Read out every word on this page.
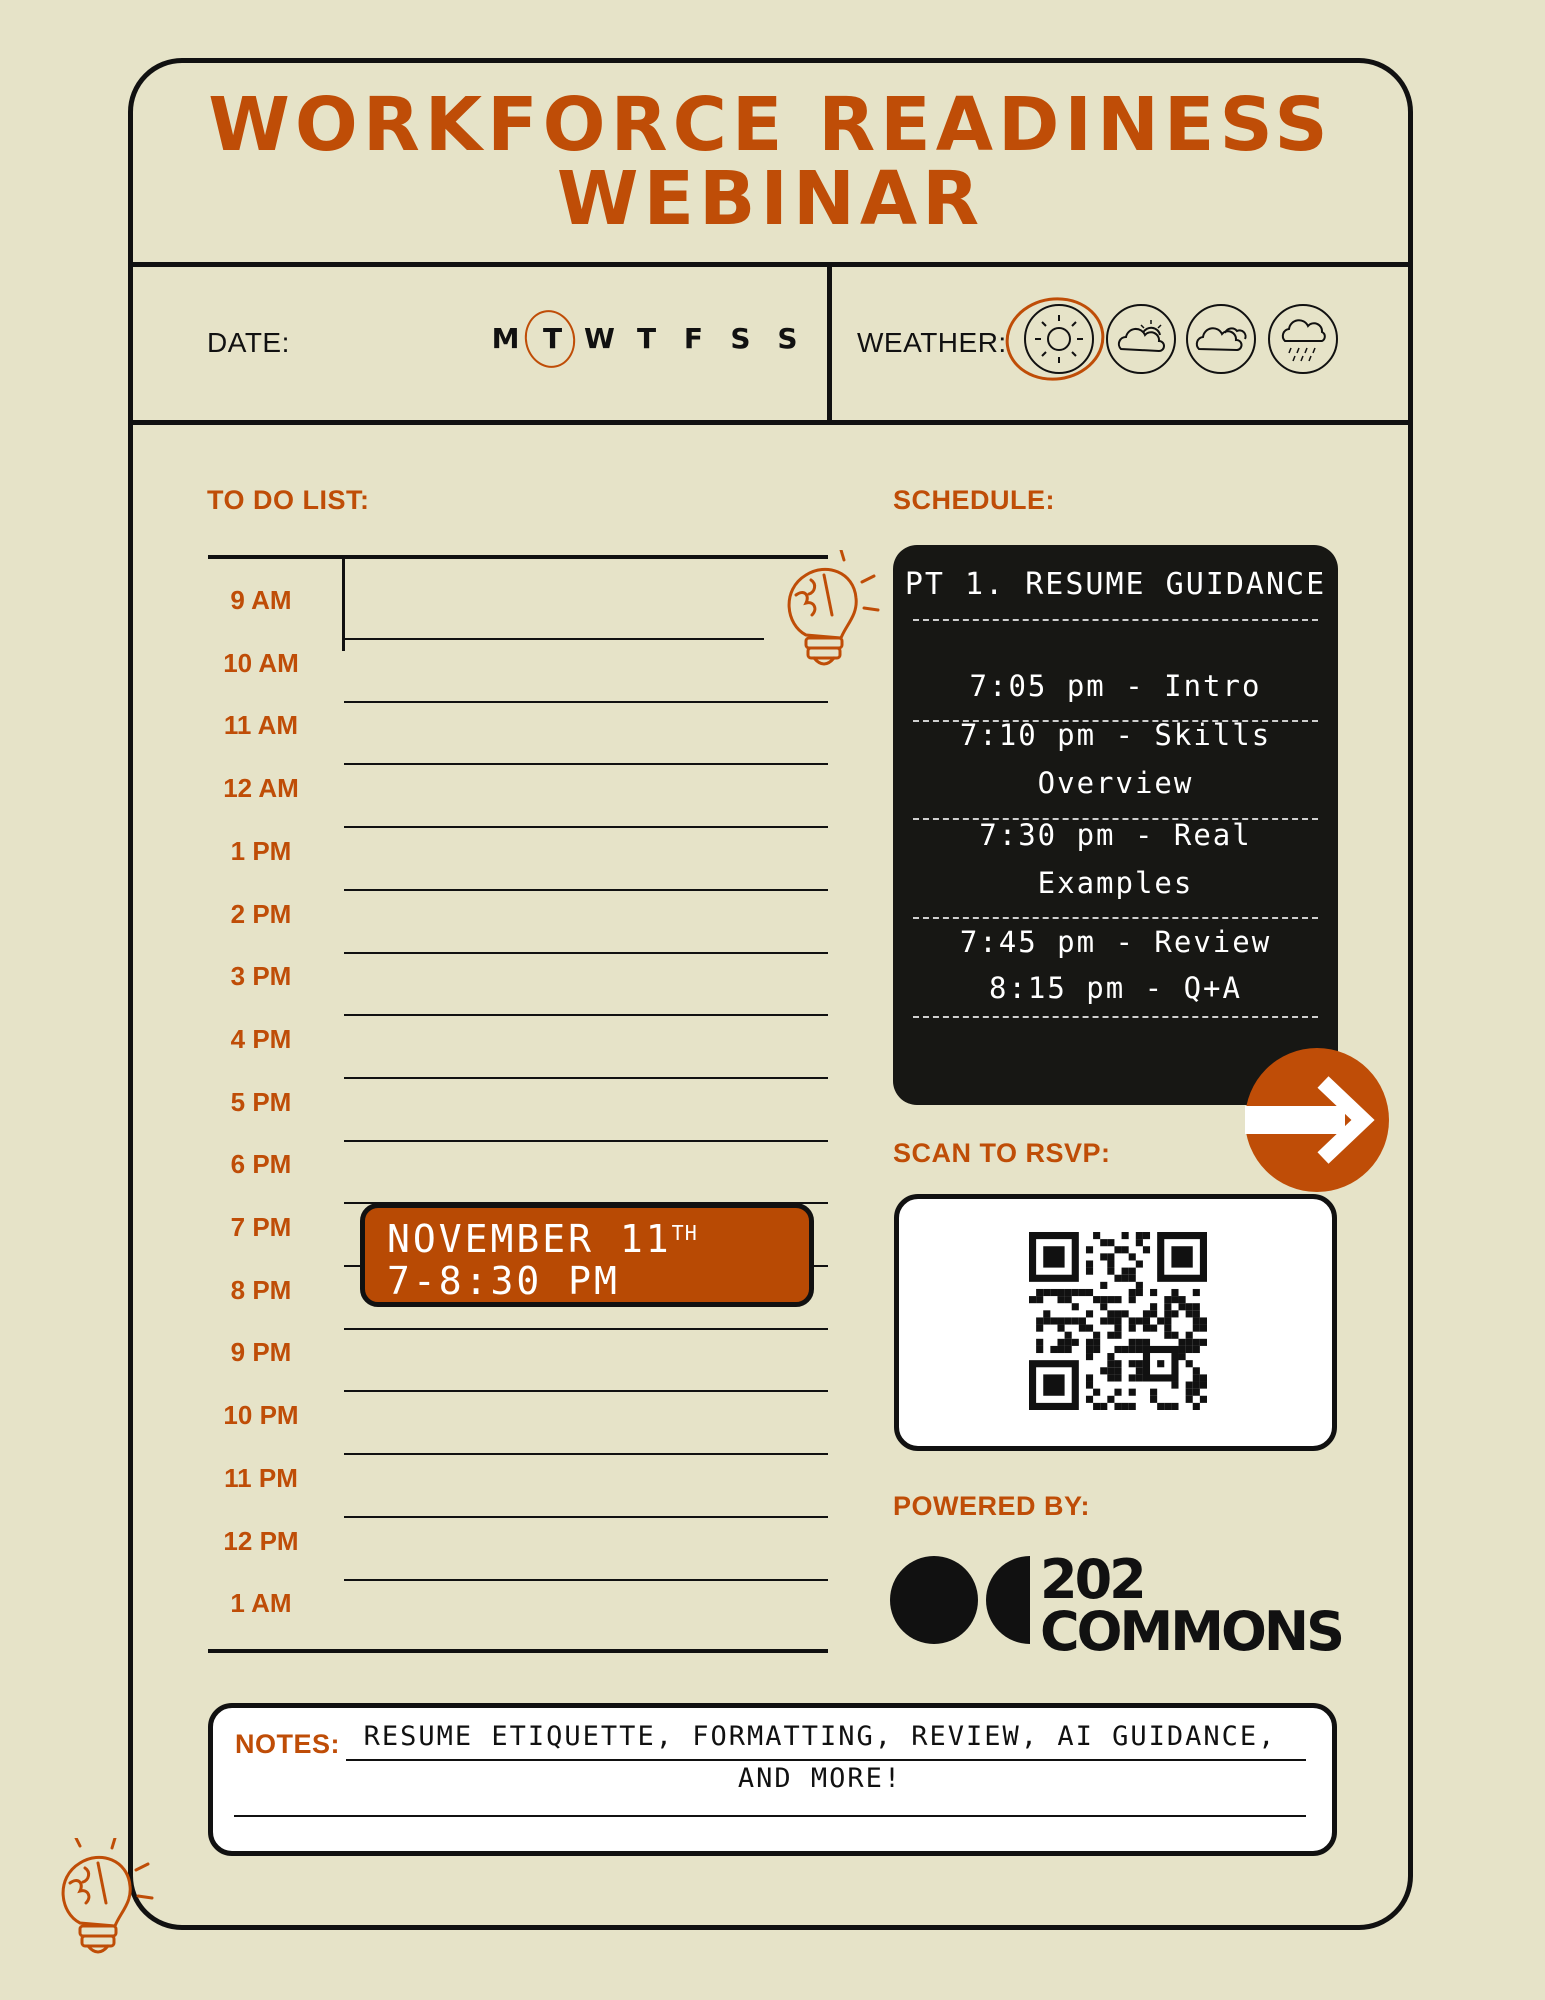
WORKFORCE READINESS
WEBINAR
DATE:	M T W T F S S	WEATHER:
TO DO LIST:
9 AM
10 AM
11 AM
12 AM
1 PM
2 PM
3 PM
4 PM
5 PM
6 PM
7 PM
8 PM
9 PM
10 PM
11 PM
12 PM
1 AM
NOVEMBER 11TH
7-8:30 PM
SCHEDULE:
PT 1. RESUME GUIDANCE
7:05 pm - Intro
7:10 pm - Skills
Overview
7:30 pm - Real
Examples
7:45 pm - Review
8:15 pm - Q+A
SCAN TO RSVP:
POWERED BY:
202
COMMONS
NOTES: RESUME ETIQUETTE, FORMATTING, REVIEW, AI GUIDANCE,
AND MORE!
